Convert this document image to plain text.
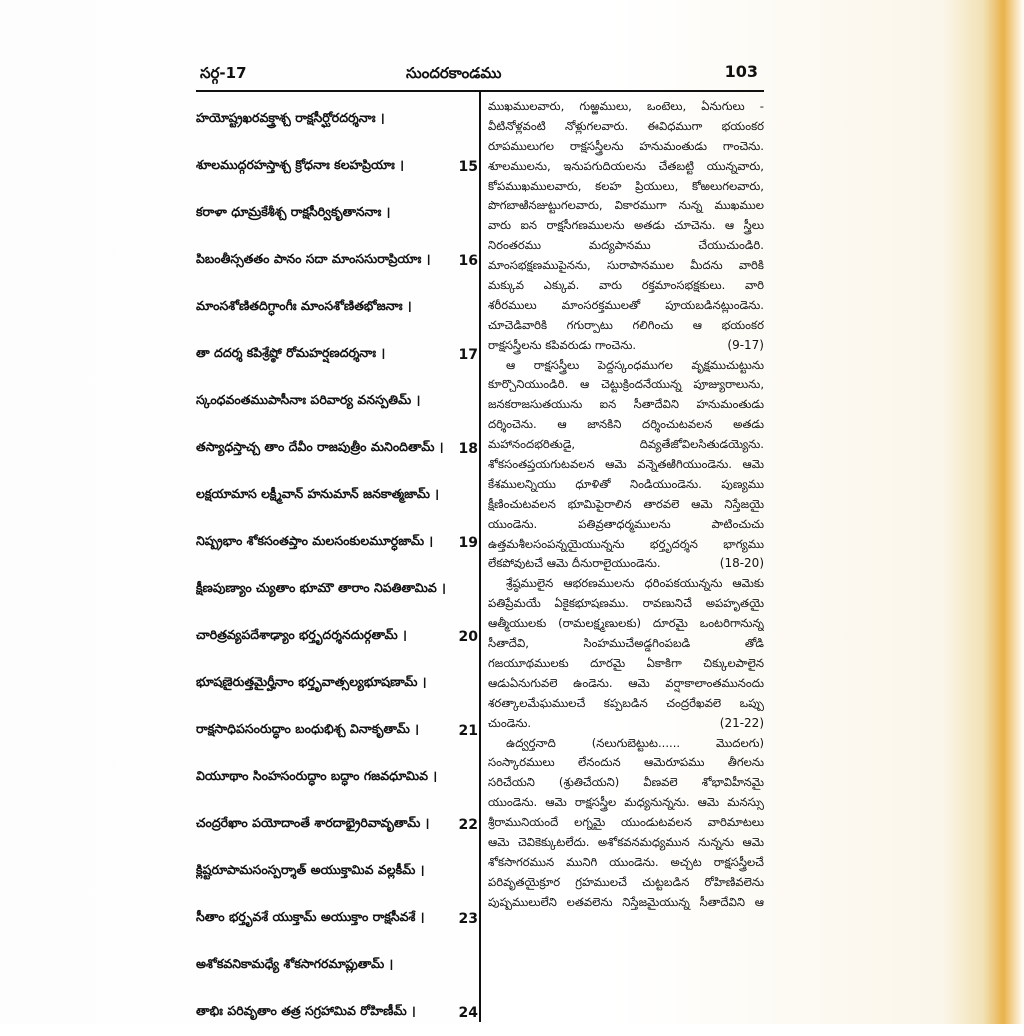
సర్గ-17	సుందరకాండము	103
హయోష్ట్రఖరవక్త్రాశ్చ రాక్షసీర్ఘోరదర్శనాః ।
శూలముద్గరహస్తాశ్చ క్రోధనాః కలహప్రియాః ।	15
కరాళా ధూమ్రకేశీశ్చ రాక్షసీర్వికృతాననాః ।
పిబంతీస్సతతం పానం సదా మాంససురాప్రియాః ।	16
మాంసశోణితదిగ్ధాంగీః మాంసశోణితభోజనాః ।
తా దదర్శ కపిశ్రేష్ఠో రోమహర్షణదర్శనాః ।	17
స్కంధవంతముపాసీనాః పరివార్య వనస్పతిమ్ ।
తస్యాధస్తాచ్చ తాం దేవీం రాజపుత్రీం మనిందితామ్ ।	18
లక్షయామాస లక్ష్మీవాన్ హనుమాన్ జనకాత్మజామ్ ।
నిష్ప్రభాం శోకసంతప్తాం మలసంకులమూర్ధజామ్ ।	19
క్షీణపుణ్యాం చ్యుతాం భూమౌ తారాం నిపతితామివ ।
చారిత్రవ్యపదేశాఢ్యాం భర్తృదర్శనదుర్గతామ్ ।	20
భూషణైరుత్తమైర్హీనాం భర్తృవాత్సల్యభూషణామ్ ।
రాక్షసాధిపసంరుద్ధాం బంధుభిశ్చ వినాకృతామ్ ।	21
వియూథాం సింహసంరుద్ధాం బద్ధాం గజవధూమివ ।
చంద్రరేఖాం పయోదాంతే శారదాభ్రైరివావృతామ్ ।	22
క్లిష్టరూపామసంస్పర్శాత్ అయుక్తామివ వల్లకీమ్ ।
సీతాం భర్తృవశే యుక్తామ్ అయుక్తాం రాక్షసీవశే ।	23
అశోకవనికామధ్యే శోకసాగరమాప్లుతామ్ ।
తాభిః పరివృతాం తత్ర సగ్రహామివ రోహిణీమ్ ।	24
ముఖములవారు, గుఱ్ఱములు, ఒంటెలు, ఏనుగులు -
వీటినోళ్లవంటి నోళ్లుగలవారు. ఈవిధముగా భయంకర
రూపములుగల రాక్షసస్త్రీలను హనుమంతుడు గాంచెను.
శూలములను, ఇనుపగుదియలను చేతబట్టి యున్నవారు,
కోపముఖములవారు, కలహ ప్రియులు, కోఱలుగలవారు,
పొగబాఱినజుట్టుగలవారు, వికారముగా నున్న ముఖముల
వారు ఐన రాక్షసీగణములను అతడు చూచెను. ఆ స్త్రీలు
నిరంతరము మద్యపానము చేయుచుండిరి.
మాంసభక్షణముపైనను, సురాపానముల మీదను వారికి
మక్కువ ఎక్కువ. వారు రక్తమాంసభక్షకులు. వారి
శరీరములు మాంసరక్తములతో పూయబడినట్లుండెను.
చూచెడివారికి గగుర్పాటు గలిగించు ఆ భయంకర
రాక్షసస్త్రీలను కపివరుడు గాంచెను.	(9-17)
ఆ రాక్షసస్త్రీలు పెద్దస్కంధముగల వృక్షముచుట్టును
కూర్చొనియుండిరి. ఆ చెట్టుక్రిందనేయున్న పూజ్యురాలును,
జనకరాజసుతయును ఐన సీతాదేవిని హనుమంతుడు
దర్శించెను. ఆ జానకిని దర్శించుటవలన అతడు
మహానందభరితుడై, దివ్యతేజోవిలసితుడయ్యెను.
శోకసంతప్తయగుటవలన ఆమె వన్నెతఱిగియుండెను. ఆమె
కేశములన్నియు ధూళితో నిండియుండెను. పుణ్యము
క్షీణించుటవలన భూమిపైరాలిన తారవలె ఆమె నిస్తేజయై
యుండెను. పతివ్రతాధర్మములను పాటించుచు
ఉత్తమశీలసంపన్నయైయున్నను భర్తృదర్శన భాగ్యము
లేకపోవుటచే ఆమె దీనురాలైయుండెను.	(18-20)
శ్రేష్ఠములైన ఆభరణములను ధరింపకయున్నను ఆమెకు
పతిప్రేమయే ఏకైకభూషణము. రావణునిచే అపహృతయై
ఆత్మీయులకు (రామలక్ష్మణులకు) దూరమై ఒంటరిగానున్న
సీతాదేవి, సింహముచేఅడ్డగింపబడి తోడి
గజయూథములకు దూరమై ఏకాకిగా చిక్కులపాలైన
ఆడుఏనుగువలె ఉండెను. ఆమె వర్షాకాలాంతమునందు
శరత్కాలమేఘములచే కప్పబడిన చంద్రరేఖవలె ఒప్పు
చుండెను.	(21-22)
ఉద్వర్తనాది (నలుగుబెట్టుట...... మొదలగు)
సంస్కారములు లేనందున ఆమెరూపము తీగలను
సరిచేయని (శ్రుతిచేయని) వీణవలె శోభావిహీనమై
యుండెను. ఆమె రాక్షసస్త్రీల మధ్యనున్నను. ఆమె మనస్సు
శ్రీరామునియందే లగ్నమై యుండుటవలన వారిమాటలు
ఆమె చెవికెక్కుటలేదు. అశోకవనమధ్యమున నున్నను ఆమె
శోకసాగరమున మునిగి యుండెను. అచ్చట రాక్షసస్త్రీలచే
పరివృతయైక్రూర గ్రహములచే చుట్టబడిన రోహిణివలెను
పుష్పములులేని లతవలెను నిస్తేజమైయున్న సీతాదేవిని ఆ
